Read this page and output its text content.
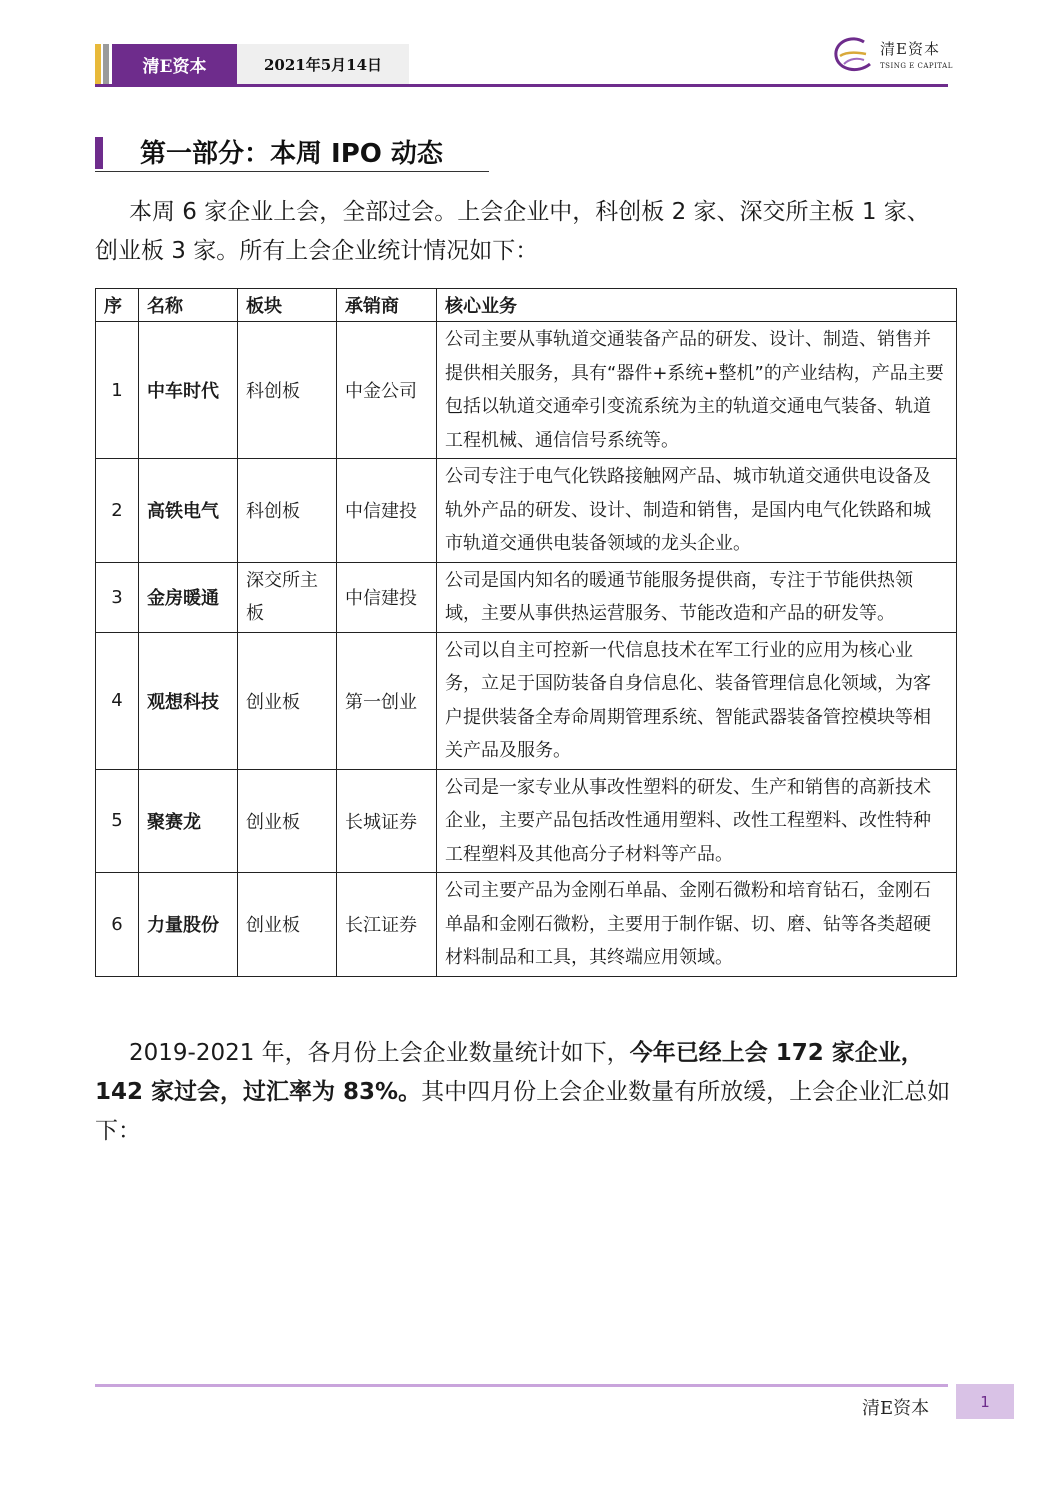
清E资本	2021年5月14日
清E资本
TSING E CAPITAL
第一部分：本周 IPO 动态
本周 6 家企业上会，全部过会。上会企业中，科创板 2 家、深交所主板 1 家、创业板 3 家。所有上会企业统计情况如下：
序	名称	板块	承销商	核心业务
1	中车时代	科创板	中金公司	公司主要从事轨道交通装备产品的研发、设计、制造、销售并提供相关服务，具有“器件+系统+整机”的产业结构，产品主要包括以轨道交通牵引变流系统为主的轨道交通电气装备、轨道工程机械、通信信号系统等。
2	高铁电气	科创板	中信建投	公司专注于电气化铁路接触网产品、城市轨道交通供电设备及轨外产品的研发、设计、制造和销售，是国内电气化铁路和城市轨道交通供电装备领域的龙头企业。
3	金房暖通	深交所主板	中信建投	公司是国内知名的暖通节能服务提供商，专注于节能供热领域，主要从事供热运营服务、节能改造和产品的研发等。
4	观想科技	创业板	第一创业	公司以自主可控新一代信息技术在军工行业的应用为核心业务，立足于国防装备自身信息化、装备管理信息化领域，为客户提供装备全寿命周期管理系统、智能武器装备管控模块等相关产品及服务。
5	聚赛龙	创业板	长城证券	公司是一家专业从事改性塑料的研发、生产和销售的高新技术企业，主要产品包括改性通用塑料、改性工程塑料、改性特种工程塑料及其他高分子材料等产品。
6	力量股份	创业板	长江证券	公司主要产品为金刚石单晶、金刚石微粉和培育钻石，金刚石单晶和金刚石微粉，主要用于制作锯、切、磨、钻等各类超硬材料制品和工具，其终端应用领域。
2019-2021 年，各月份上会企业数量统计如下，今年已经上会 172 家企业，142 家过会，过汇率为 83%。其中四月份上会企业数量有所放缓，上会企业汇总如下：
清E资本	1
